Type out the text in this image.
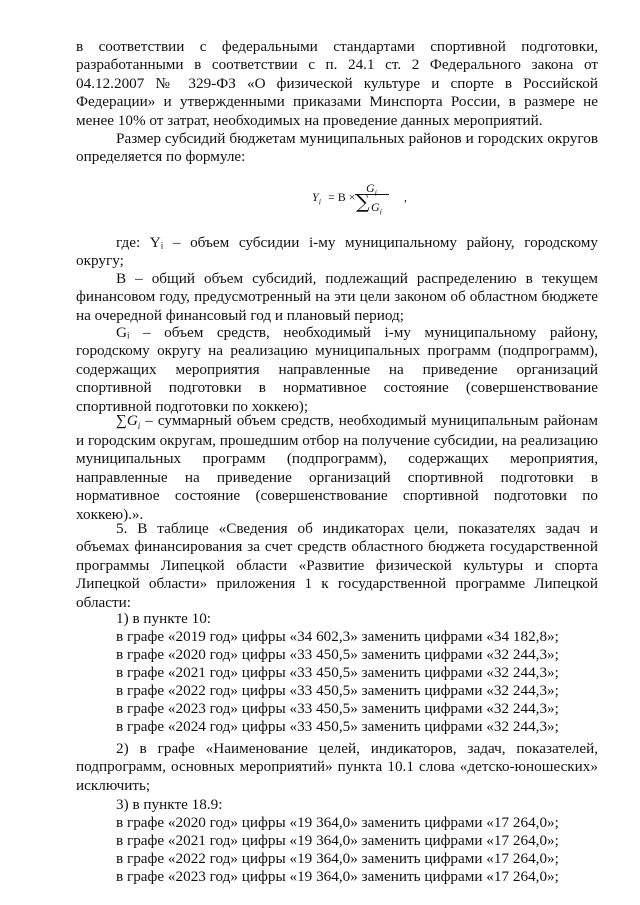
в соответствии с федеральными стандартами спортивной подготовки,

разработанными в соответствии с п. 24.1 ст. 2 Федерального закона от

04.12.2007 № 329-ФЗ «О физической культуре и спорте в Российской

Федерации» и утвержденными приказами Минспорта России, в размере не

менее 10% от затрат, необходимых на проведение данных мероприятий.

Размер субсидий бюджетам муниципальных районов и городских округов

определяется по формуле:

$Y_i = B$ ×
$G_i$
∑ $G_i$
,

где: Yᵢ – объем субсидии i-му муниципальному району, городскому

округу;

В – общий объем субсидий, подлежащий распределению в текущем

финансовом году, предусмотренный на эти цели законом об областном бюджете

на очередной финансовый год и плановый период;

Gᵢ – объем средств, необходимый i-му муниципальному району,

городскому округу на реализацию муниципальных программ (подпрограмм),

содержащих мероприятия направленные на приведение организаций

спортивной подготовки в нормативное состояние (совершенствование

спортивной подготовки по хоккею);

$\sum G_i$ – суммарный объем средств, необходимый муниципальным районам

и городским округам, прошедшим отбор на получение субсидии, на реализацию

муниципальных программ (подпрограмм), содержащих мероприятия,

направленные на приведение организаций спортивной подготовки в

нормативное состояние (совершенствование спортивной подготовки по

хоккею).».

5. В таблице «Сведения об индикаторах цели, показателях задач и

объемах финансирования за счет средств областного бюджета государственной

программы Липецкой области «Развитие физической культуры и спорта

Липецкой области» приложения 1 к государственной программе Липецкой

области:

1) в пункте 10:
в графе «2019 год» цифры «34 602,3» заменить цифрами «34 182,8»;
в графе «2020 год» цифры «33 450,5» заменить цифрами «32 244,3»;
в графе «2021 год» цифры «33 450,5» заменить цифрами «32 244,3»;
в графе «2022 год» цифры «33 450,5» заменить цифрами «32 244,3»;
в графе «2023 год» цифры «33 450,5» заменить цифрами «32 244,3»;
в графе «2024 год» цифры «33 450,5» заменить цифрами «32 244,3»;

2) в графе «Наименование целей, индикаторов, задач, показателей,

подпрограмм, основных мероприятий» пункта 10.1 слова «детско-юношеских»

исключить;

3) в пункте 18.9:
в графе «2020 год» цифры «19 364,0» заменить цифрами «17 264,0»;
в графе «2021 год» цифры «19 364,0» заменить цифрами «17 264,0»;
в графе «2022 год» цифры «19 364,0» заменить цифрами «17 264,0»;
в графе «2023 год» цифры «19 364,0» заменить цифрами «17 264,0»;
